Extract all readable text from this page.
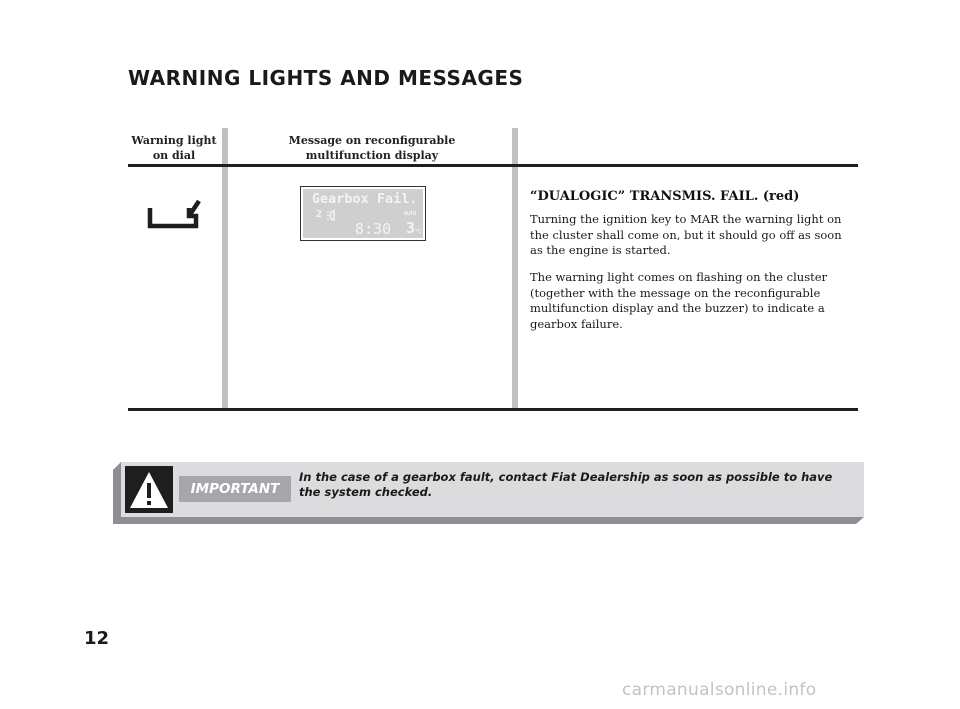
WARNING LIGHTS AND MESSAGES
Warning light
on dial
Message on reconfigurable
multifunction display
Gearbox Fail.
2	AUTO
8:30 3 °C
“DUALOGIC” TRANSMIS. FAIL. (red)

Turning the ignition key to MAR the warning light on the cluster shall come on, but it should go off as soon as the engine is started.

The warning light comes on flashing on the cluster (together with the message on the reconfigurable multifunction display and the buzzer) to indicate a gearbox failure.

IMPORTANT

In the case of a gearbox fault, contact Fiat Dealership as soon as possible to have the system checked.

12
carmanualsonline.info
